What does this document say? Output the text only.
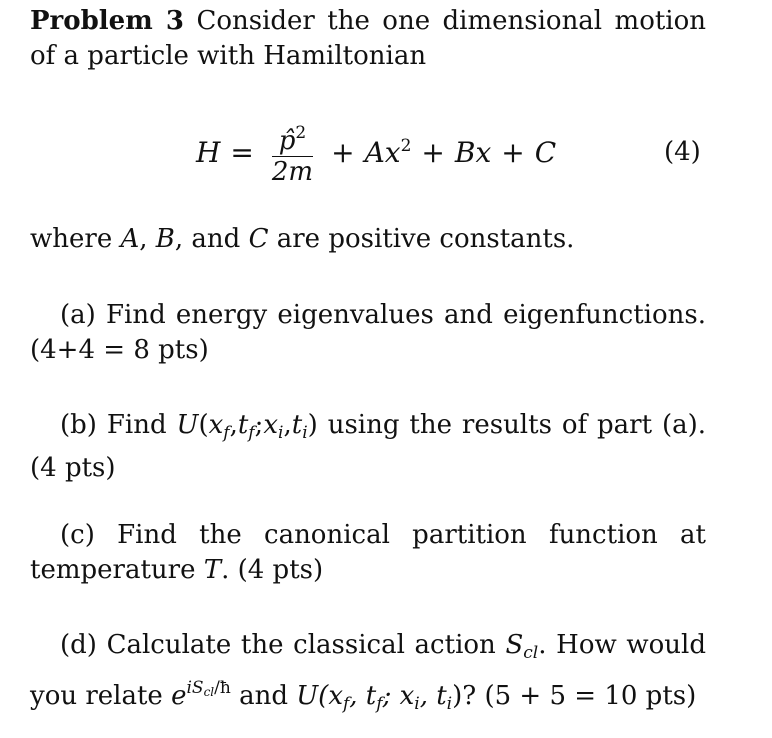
Problem 3 Consider the one dimensional motion of a particle with Hamiltonian
$H = \frac{p̂^2}{2m} + Ax^2 + Bx + C$	(4)
where A, B, and C are positive constants.
(a) Find energy eigenvalues and eigenfunctions. (4+4 = 8 pts)
(b) Find $U(x_f,t_f;x_i,t_i)$ using the results of part (a). (4 pts)
(c) Find the canonical partition function at temperature T. (4 pts)
(d) Calculate the classical action $S_{cl}$. How would you relate $e^{iScl/ħ}$ and $U(x_f$, $t_f$; $x_i$, $t_i$)? (5 + 5 = 10 pts)
